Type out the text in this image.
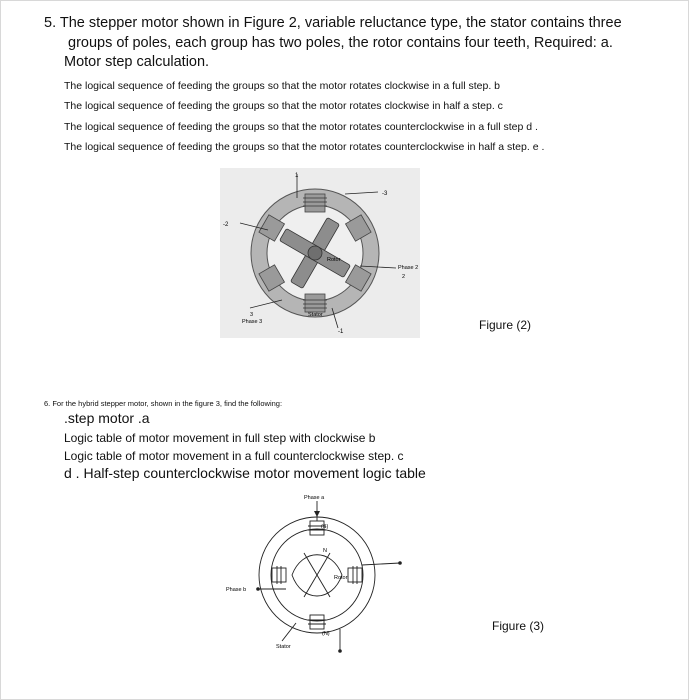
5. The stepper motor shown in Figure 2, variable reluctance type, the stator contains three
groups of poles, each group has two poles, the rotor contains four teeth, Required: a.
Motor step calculation.
The logical sequence of feeding the groups so that the motor rotates clockwise in a full step. b
The logical sequence of feeding the groups so that the motor rotates clockwise in half a step. c
The logical sequence of feeding the groups so that the motor rotates counterclockwise in a full step d .
The logical sequence of feeding the groups so that the motor rotates counterclockwise in half a step. e .
1
-3
-2
Rotor
Phase 2
2
3
Phase 3
Stator
-1	Figure (2)
6. For the hybrid stepper motor, shown in the figure 3, find the following:
.step motor .a
Logic table of motor movement in full step with clockwise b
Logic table of motor movement in a full counterclockwise step. c
d . Half-step counterclockwise motor movement logic table
Phase a
Phase b
(S)
N
Rotor
(N)
Stator
Figure (3)
